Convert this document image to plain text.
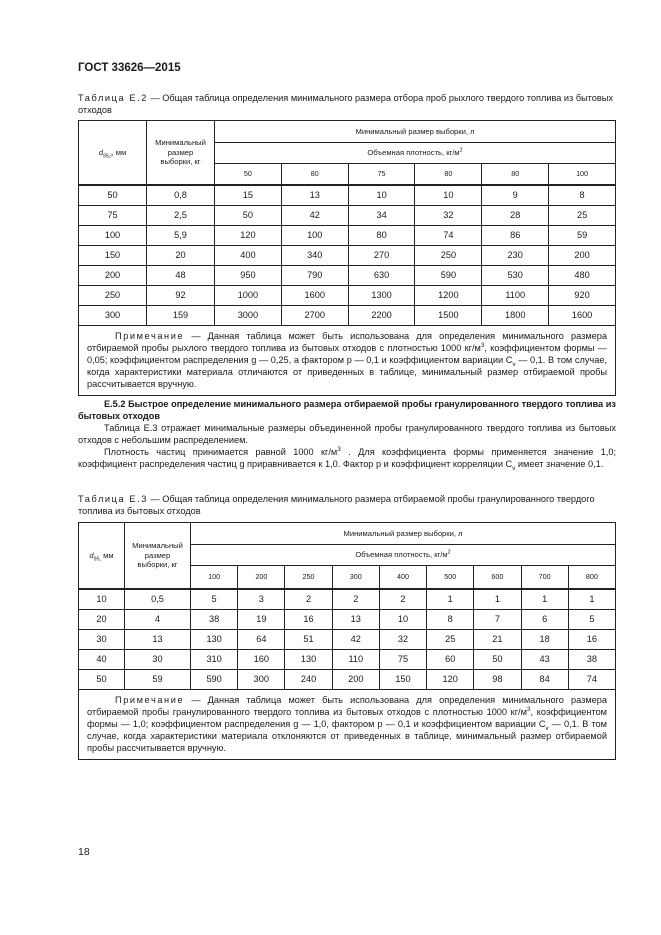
ГОСТ 33626—2015
Таблица Е.2 — Общая таблица определения минимального размера отбора проб рыхлого твердого топлива из бытовых отходов
$d_{95,l}$, мм	Минимальный размер выборки, кг	Минимальный размер выборки, л					
		Объемная плотность, $кг/м^2$
		50	80	75	80	80	100
50	0,8	15	13	10	10	9	8
75	2,5	50	42	34	32	28	25
100	5,9	120	100	80	74	86	59
150	20	400	340	270	250	230	200
200	48	950	790	630	590	530	480
250	92	1000	1600	1300	1200	1100	920
300	159	3000	2700	2200	1500	1800	1600
Примечание — Данная таблица может быть использована для определения минимального размера отбираемой пробы рыхлого твердого топлива из бытовых отходов с плотностью 1000 $кг/м^3$, коэффициентом формы — 0,05; коэффициентом распределения g — 0,25, а фактором p — 0,1 и коэффициентом вариации $C_v$ — 0,1. В том случае, когда характеристики материала отличаются от приведенных в таблице, минимальный размер отбираемой пробы рассчитывается вручную.							

Е.5.2 Быстрое определение минимального размера отбираемой пробы гранулированного твердого топлива из бытовых отходов

Таблица Е.3 отражает минимальные размеры объединенной пробы гранулированного твердого топлива из бытовых отходов с небольшим распределением.

Плотность частиц принимается равной 1000 $кг/м^3$ . Для коэффициента формы применяется значение 1,0; коэффициент распределения частиц g приравнивается к 1,0. Фактор p и коэффициент корреляции $C_v$ имеет значение 0,1.

Таблица Е.3 — Общая таблица определения минимального размера отбираемой пробы гранулированного твердого топлива из бытовых отходов
$d_{95,}$ мм	Минимальный размер выборки, кг	Минимальный размер выборки, л								
		Объемная плотность, $кг/м^2$
		100	200	250	300	400	500	600	700	800
10	0,5	5	3	2	2	2	1	1	1	1
20	4	38	19	16	13	10	8	7	6	5
30	13	130	64	51	42	32	25	21	18	16
40	30	310	160	130	110	75	60	50	43	38
50	59	590	300	240	200	150	120	98	84	74
Примечание — Данная таблица может быть использована для определения минимального размера отбираемой пробы гранулированного твердого топлива из бытовых отходов с плотностью 1000 $кг/м^3$, коэффициентом формы — 1,0; коэффициентом распределения g — 1,0, фактором p — 0,1 и коэффициентом вариации $C_v$ — 0,1. В том случае, когда характеристики материала отклоняются от приведенных в таблице, минимальный размер отбираемой пробы рассчитывается вручную.										
18
